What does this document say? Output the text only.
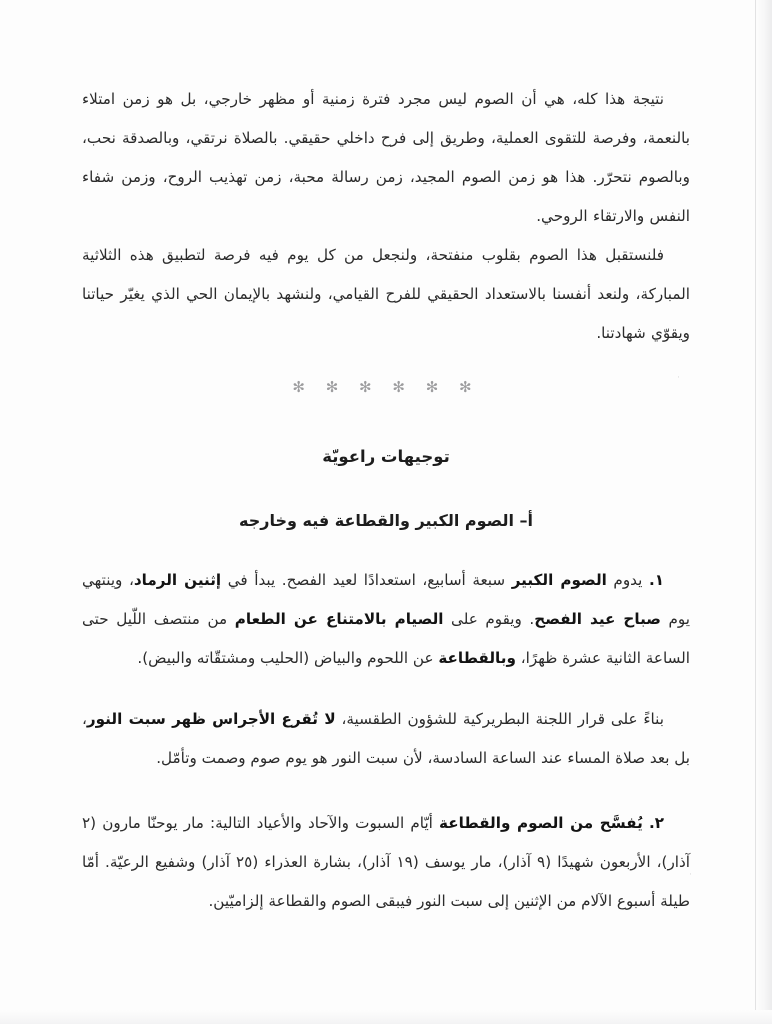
·
·

نتيجة هذا كله، هي أن الصوم ليس مجرد فترة زمنية أو مظهر خارجي، بل هو زمن امتلاء بالنعمة، وفرصة للتقوى العملية، وطريق إلى فرح داخلي حقيقي. بالصلاة نرتقي، وبالصدقة نحب، وبالصوم نتحرّر. هذا هو زمن الصوم المجيد، زمن رسالة محبة، زمن تهذيب الروح، وزمن شفاء النفس والارتقاء الروحي.

فلنستقبل هذا الصوم بقلوب منفتحة، ولنجعل من كل يوم فيه فرصة لتطبيق هذه الثلاثية المباركة، ولنعد أنفسنا بالاستعداد الحقيقي للفرح القيامي، ولنشهد بالإيمان الحي الذي يغيّر حياتنا ويقوّي شهادتنا.

✻ ✻ ✻ ✻ ✻ ✻
توجيهات راعويّة
أ– الصوم الكبير والقطاعة فيه وخارجه

١. يدوم الصوم الكبير سبعة أسابيع، استعدادًا لعيد الفصح. يبدأ في إثنين الرماد، وينتهي يوم صباح عيد الفصح. ويقوم على الصيام بالامتناع عن الطعام من منتصف اللّيل حتى الساعة الثانية عشرة ظهرًا، وبالقطاعة عن اللحوم والبياض (الحليب ومشتقّاته والبيض).

بناءً على قرار اللجنة البطريركية للشؤون الطقسية، لا تُقرع الأجراس ظهر سبت النور، بل بعد صلاة المساء عند الساعة السادسة، لأن سبت النور هو يوم صوم وصمت وتأمّل.

٢. يُفسَّح من الصوم والقطاعة أيّام السبوت والآحاد والأعياد التالية: مار يوحنّا مارون (٢ آذار)، الأربعون شهيدًا (٩ آذار)، مار يوسف (١٩ آذار)، بشارة العذراء (٢٥ آذار) وشفيع الرعيّة. أمّا طيلة أسبوع الآلام من الإثنين إلى سبت النور فيبقى الصوم والقطاعة إلزاميّين.
